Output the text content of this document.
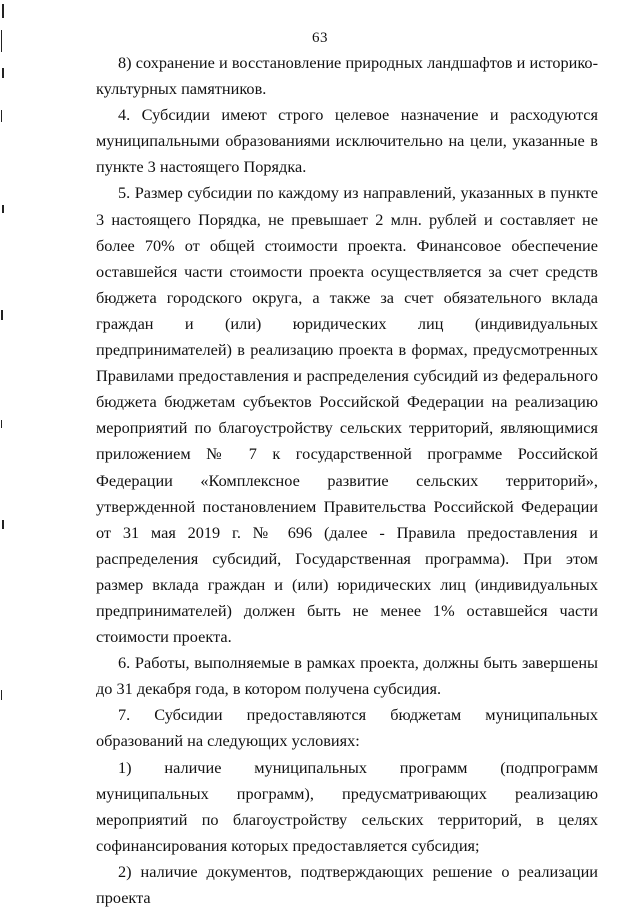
63

8) сохранение и восстановление природных ландшафтов и историко-культурных памятников.

4. Субсидии имеют строго целевое назначение и расходуются муниципальными образованиями исключительно на цели, указанные в пункте 3 настоящего Порядка.

5. Размер субсидии по каждому из направлений, указанных в пункте 3 настоящего Порядка, не превышает 2 млн. рублей и составляет не более 70% от общей стоимости проекта. Финансовое обеспечение оставшейся части стоимости проекта осуществляется за счет средств бюджета городского округа, а также за счет обязательного вклада граждан и (или) юридических лиц (индивидуальных предпринимателей) в реализацию проекта в формах, предусмотренных Правилами предоставления и распределения субсидий из федерального бюджета бюджетам субъектов Российской Федерации на реализацию мероприятий по благоустройству сельских территорий, являющимися приложением № 7 к государственной программе Российской Федерации «Комплексное развитие сельских территорий», утвержденной постановлением Правительства Российской Федерации от 31 мая 2019 г. № 696 (далее - Правила предоставления и распределения субсидий, Государственная программа). При этом размер вклада граждан и (или) юридических лиц (индивидуальных предпринимателей) должен быть не менее 1% оставшейся части стоимости проекта.

6. Работы, выполняемые в рамках проекта, должны быть завершены до 31 декабря года, в котором получена субсидия.

7. Субсидии предоставляются бюджетам муниципальных образований на следующих условиях:

1) наличие муниципальных программ (подпрограмм муниципальных программ), предусматривающих реализацию мероприятий по благоустройству сельских территорий, в целях софинансирования которых предоставляется субсидия;

2) наличие документов, подтверждающих решение о реализации проекта
